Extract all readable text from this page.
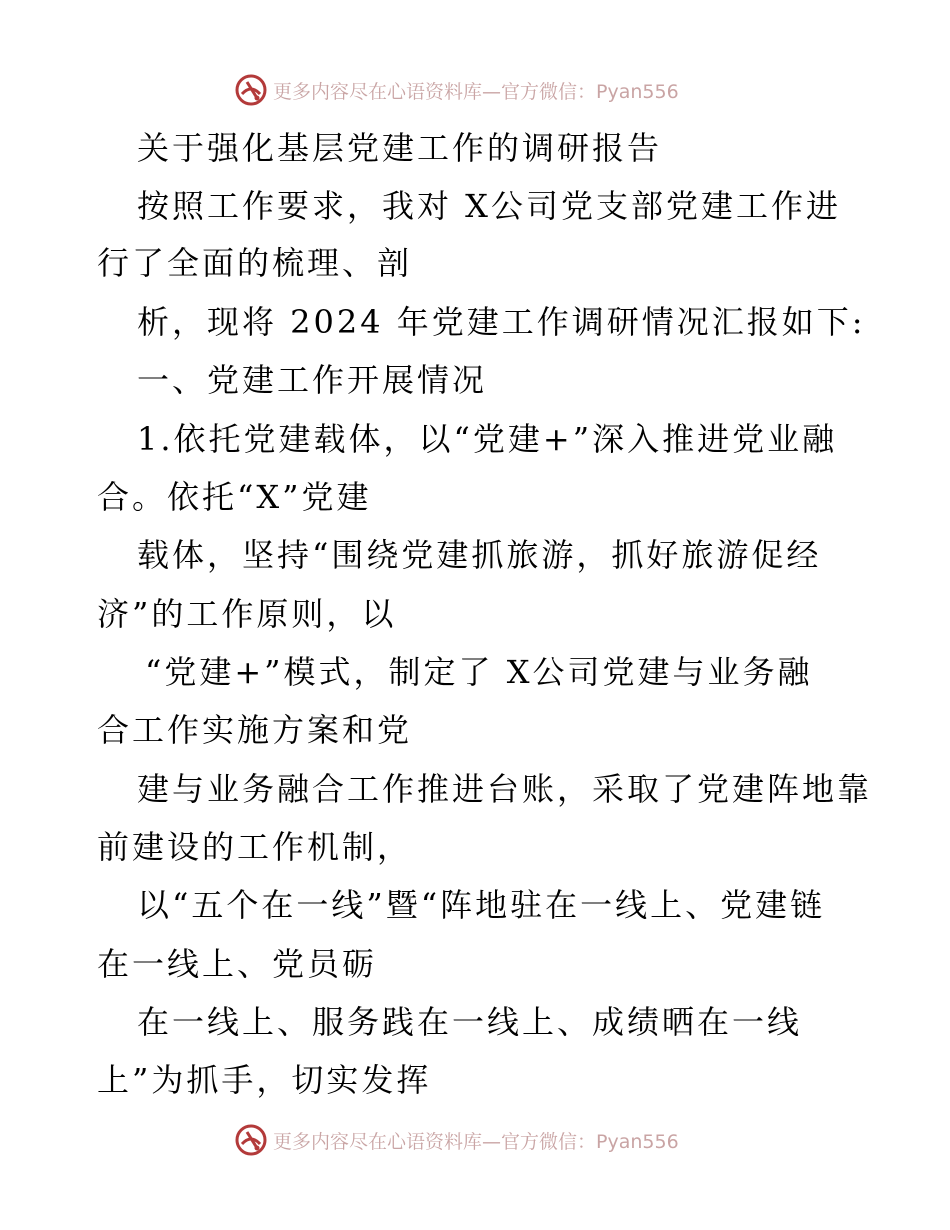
更多内容尽在心语资料库— 官方微信：Pyan556
关于强化基层党建工作的调研报告
按照工作要求，我对 X公司党支部党建工作进
行了全面的梳理、剖
析，现将 2024 年党建工作调研情况汇报如下:
一、党建工作开展情况
1.依托党建载体，以“党建+”深入推进党业融
合。依托“X”党建
载体，坚持“围绕党建抓旅游，抓好旅游促经
济”的工作原则，以
“党建+”模式，制定了 X公司党建与业务融
合工作实施方案和党
建与业务融合工作推进台账，采取了党建阵地靠
前建设的工作机制，
以“五个在一线”暨“阵地驻在一线上、党建链
在一线上、党员砺
在一线上、服务践在一线上、成绩晒在一线
上”为抓手，切实发挥
更多内容尽在心语资料库— 官方微信：Pyan556
